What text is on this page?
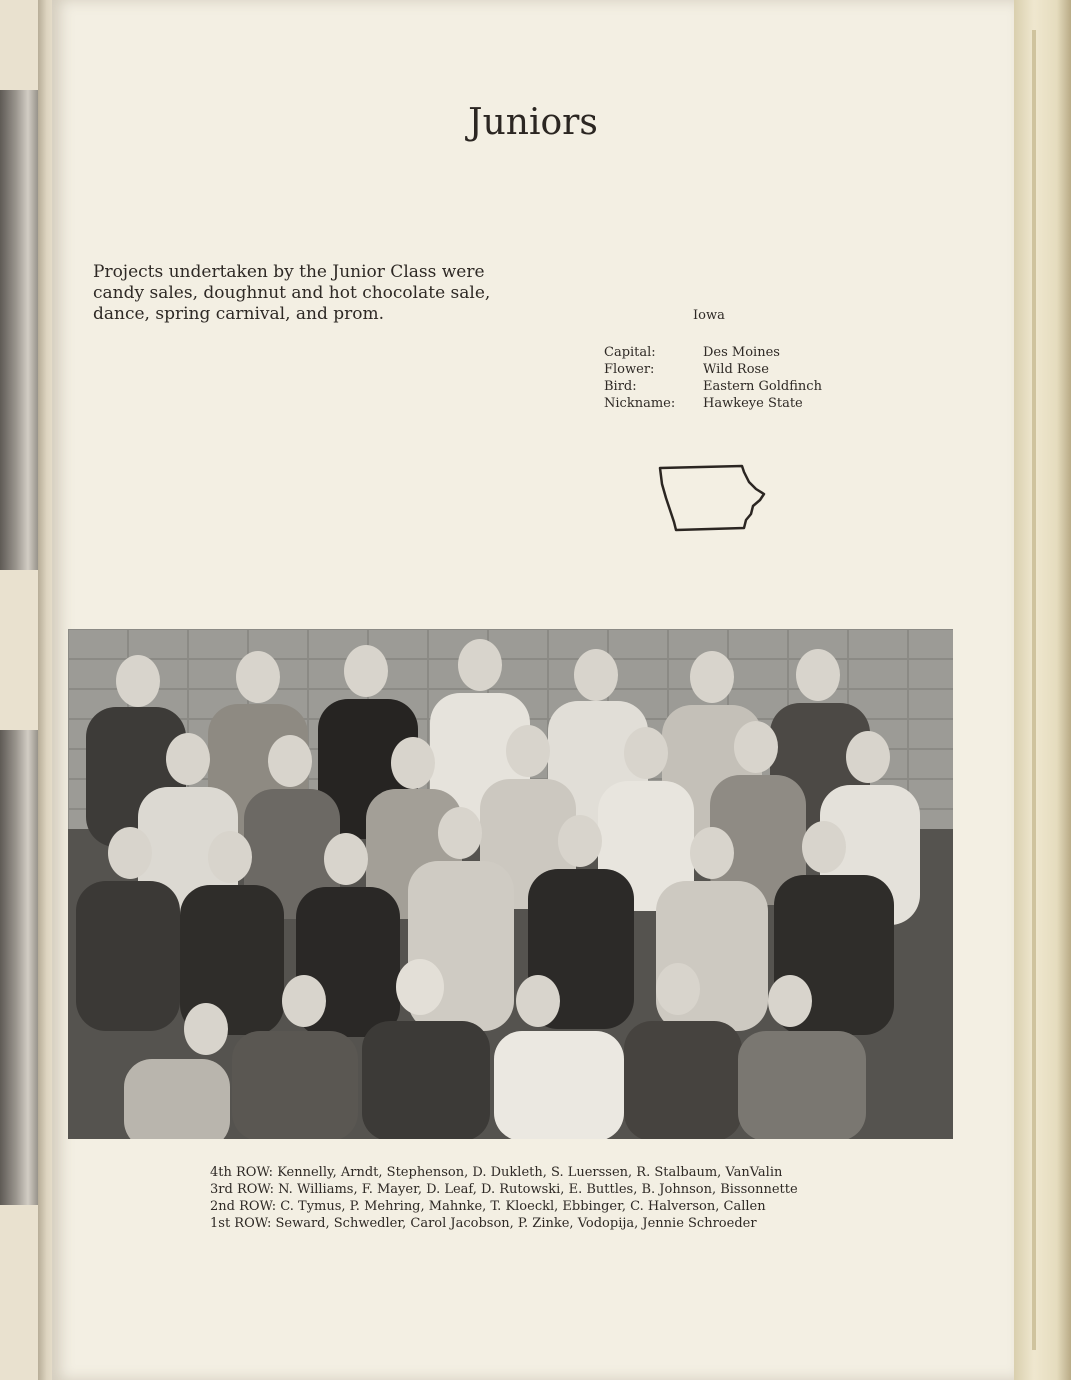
Juniors
Projects undertaken by the Junior Class were candy sales, doughnut and hot chocolate sale, dance, spring carnival, and prom.	Iowa
Capital:	Des Moines
Flower:	Wild Rose
Bird:	Eastern Goldfinch
Nickname:	Hawkeye State
4th ROW: Kennelly, Arndt, Stephenson, D. Dukleth, S. Luerssen, R. Stalbaum, VanValin
3rd ROW: N. Williams, F. Mayer, D. Leaf, D. Rutowski, E. Buttles, B. Johnson, Bissonnette
2nd ROW: C. Tymus, P. Mehring, Mahnke, T. Kloeckl, Ebbinger, C. Halverson, Callen
1st ROW: Seward, Schwedler, Carol Jacobson, P. Zinke, Vodopija, Jennie Schroeder
